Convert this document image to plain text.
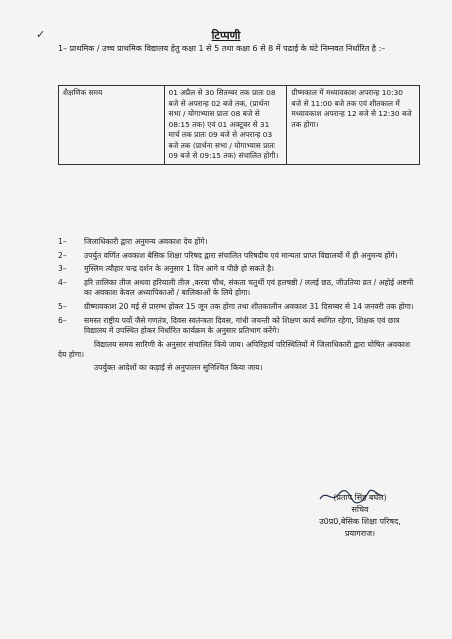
✓	टिप्पणी
1– प्राथमिक / उच्च प्राथमिक विद्यालय हेतु कक्षा 1 से 5 तथा कक्षा 6 से 8 में पढाई के घंटे निम्नवत निर्धारित है :–
शैक्षणिक समय	01 अप्रैल से 30 सितम्बर तक प्रातः 08 बजे से अपरान्ह 02 बजे तक, (प्रार्थना सभा / योगाभ्यास प्रातः 08 बजे से 08:15 तक) एवं 01 अक्टूबर से 31 मार्च तक प्रातः 09 बजे से अपरान्ह 03 बजे तक (प्रार्थना सभा / योगाभ्यास प्रातः 09 बजे से 09:15 तक) संचालित होगी।	ग्रीष्मकाल में मध्यावकाश अपरान्ह 10:30 बजे से 11:00 बजे तक एवं शीतकाल में मध्यावकाश अपरान्ह 12 बजे से 12:30 बजे तक होगा।
1–	जिलाधिकारी द्वारा अनुमन्य अवकाश देय होंगे।
2–	उपर्युत वर्णित अवकाश बेसिक शिक्षा परिषद द्वारा संचालित परिषदीय एवं मान्यता प्राप्त विद्यालयों में ही अनुमन्य होंगे।
3–	मुस्लिम त्यौहार चन्द्र दर्शन के अनुसार 1 दिन आगे व पीछे हो सकते है।
4–	हरि तालिका तीज अथवा हरियाली तीज ,करवा चौथ, संकता चतुर्थी एवं हलषष्ठी / ललई छठ, जीउतिया व्रत / अहोई अष्टमी का अवकाश केवल अध्यापिकाओं / बालिकाओं के लिये होगा।
5–	ग्रीष्मावकाश 20 मई से प्रारम्भ होकर 15 जून तक होगा तथा शीतकालीन अवकाश 31 दिसम्बर से 14 जनवरी तक होगा।
6–	समस्त राष्ट्रीय पर्वो जैसे गणतंत्र, दिवस स्वतंन्त्रता दिवस, गांधी जयन्ती को शिक्षण कार्य स्थगित रहेगा, शिक्षक एवं छात्र विद्यालय में उपस्थित होकर निर्धारित कार्यक्रम के अनुसार प्रतिभाग करेंगे।
विद्यालय समय सारिणी के अनुसार संचालित किये जाय। अपिरिहार्य परिस्थितियों में जिलाधिकारी द्वारा घोषित अवकाश देय होगा।
उपर्युक्त आदेशों का कड़ाई से अनुपालन सुनिश्चित किया जाय।
(प्रताप सिंह बघेल)
सचिव
उ0प्र0,बेसिक शिक्षा परिषद,
प्रयागराज।
